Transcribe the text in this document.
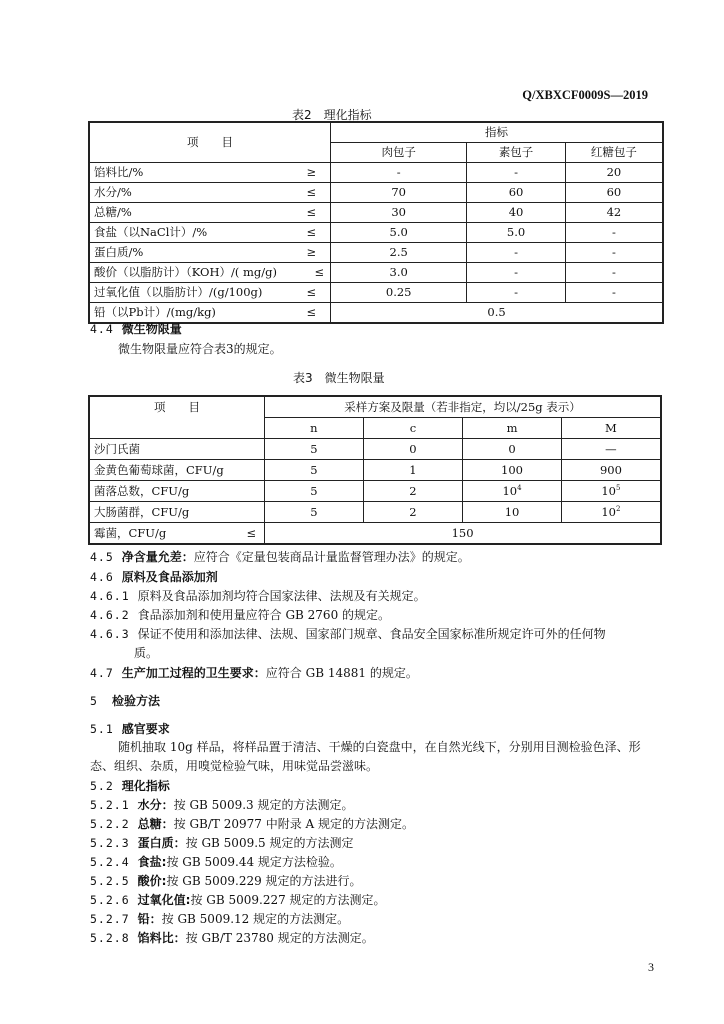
Q/XBXCF0009S—2019
表2　理化指标
项　　目	指标		
	肉包子	素包子	红糖包子
馅料比/% ≥	-	-	20
水分/% ≤	70	60	60
总糖/% ≤	30	40	42
食盐（以NaCl计）/% ≤	5.0	5.0	-
蛋白质/% ≥	2.5	-	-
酸价（以脂肪计）（KOH）/( mg/g) ≤	3.0	-	-
过氧化值（以脂肪计）/(g/100g) ≤	0.25	-	-
铅（以Pb计）/(mg/kg) ≤	0.5		
4.4 微生物限量
微生物限量应符合表3的规定。
表3　微生物限量
项　　目	采样方案及限量（若非指定，均以/25g 表示）			
	n	c	m	M
沙门氏菌	5	0	0	—
金黄色葡萄球菌，CFU/g	5	1	100	900
菌落总数，CFU/g	5	2	$10^4$	$10^5$
大肠菌群，CFU/g	5	2	10	$10^2$
霉菌，CFU/g ≤	150			
4.5 净含量允差：应符合《定量包装商品计量监督管理办法》的规定。
4.6 原料及食品添加剂
4.6.1 原料及食品添加剂均符合国家法律、法规及有关规定。
4.6.2 食品添加剂和使用量应符合 GB 2760 的规定。
4.6.3 保证不使用和添加法律、法规、国家部门规章、食品安全国家标准所规定许可外的任何物
质。
4.7 生产加工过程的卫生要求：应符合 GB 14881 的规定。
5 检验方法
5.1 感官要求
随机抽取 10g 样品，将样品置于清洁、干燥的白瓷盘中，在自然光线下，分别用目测检验色泽、形态、组织、杂质，用嗅觉检验气味，用味觉品尝滋味。
5.2 理化指标
5.2.1 水分：按 GB 5009.3 规定的方法测定。
5.2.2 总糖：按 GB/T 20977 中附录 A 规定的方法测定。
5.2.3 蛋白质：按 GB 5009.5 规定的方法测定
5.2.4 食盐:按 GB 5009.44 规定方法检验。
5.2.5 酸价:按 GB 5009.229 规定的方法进行。
5.2.6 过氧化值:按 GB 5009.227 规定的方法测定。
5.2.7 铅：按 GB 5009.12 规定的方法测定。
5.2.8 馅料比：按 GB/T 23780 规定的方法测定。
3
